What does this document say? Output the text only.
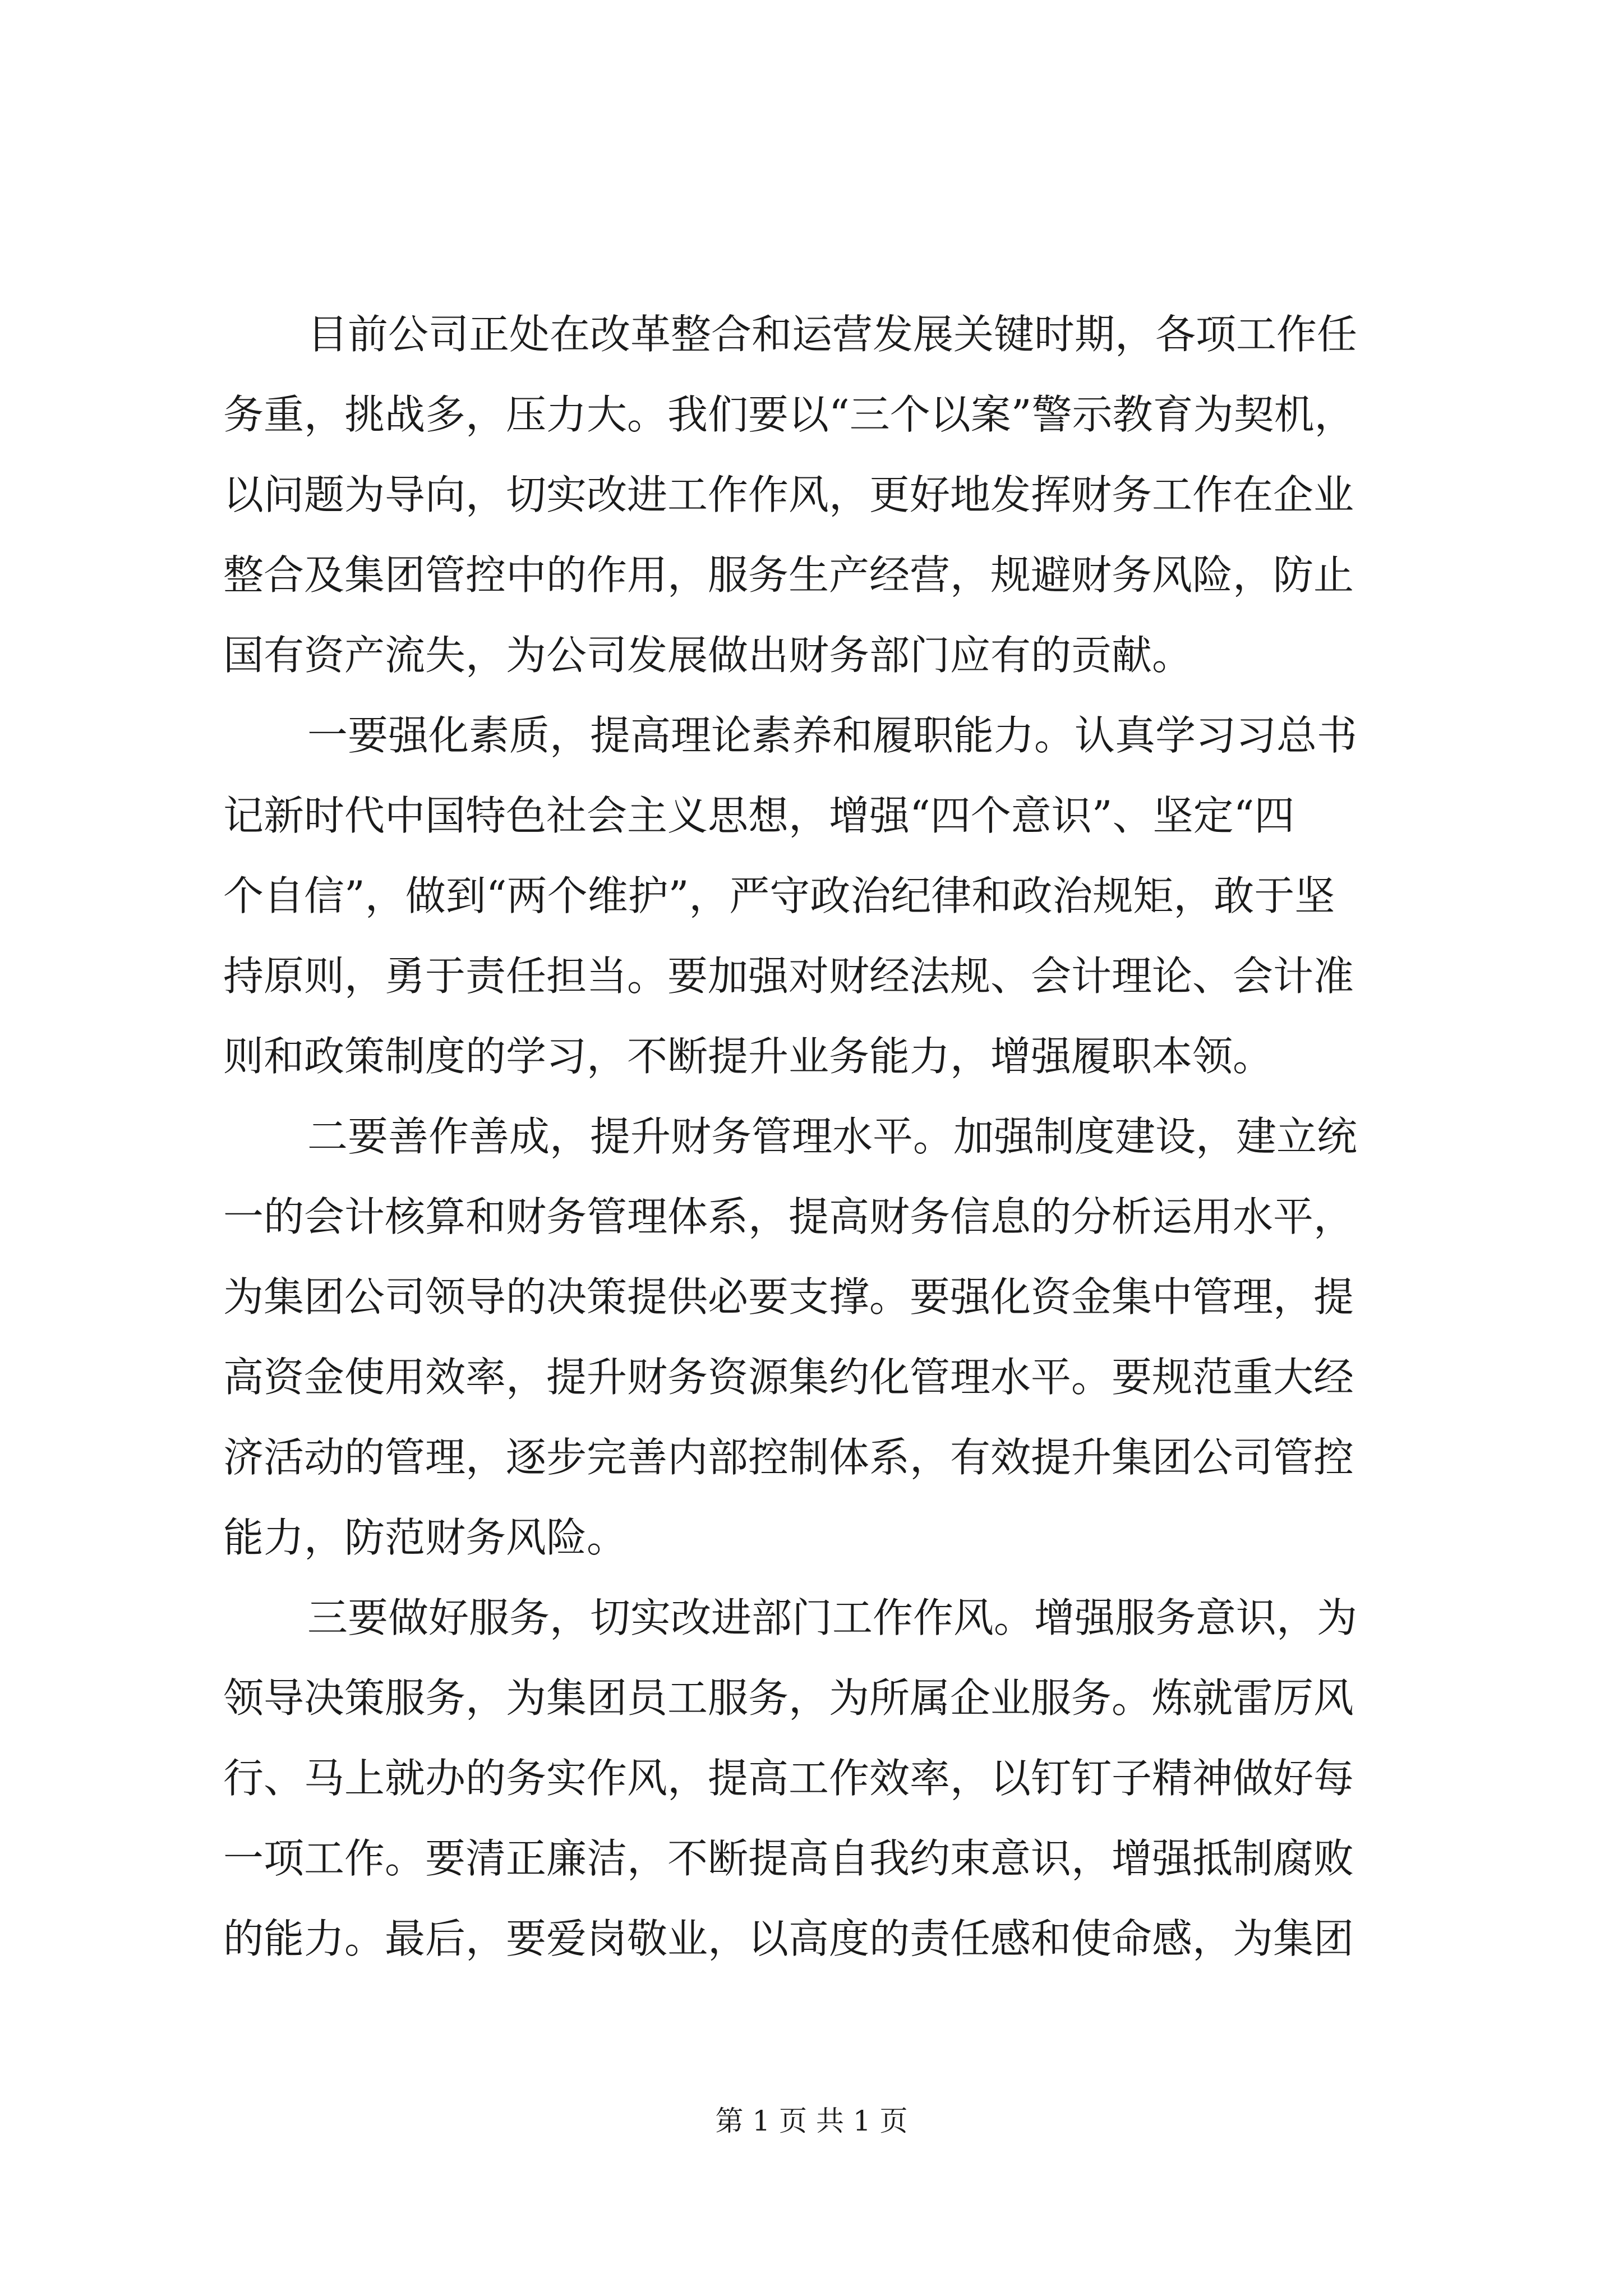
目前公司正处在改革整合和运营发展关键时期，各项工作任

务重，挑战多，压力大。我们要以“三个以案”警示教育为契机，

以问题为导向，切实改进工作作风，更好地发挥财务工作在企业

整合及集团管控中的作用，服务生产经营，规避财务风险，防止

国有资产流失，为公司发展做出财务部门应有的贡献。

一要强化素质，提高理论素养和履职能力。认真学习习总书

记新时代中国特色社会主义思想，增强“四个意识”、坚定“四

个自信”，做到“两个维护”，严守政治纪律和政治规矩，敢于坚

持原则，勇于责任担当。要加强对财经法规、会计理论、会计准

则和政策制度的学习，不断提升业务能力，增强履职本领。

二要善作善成，提升财务管理水平。加强制度建设，建立统

一的会计核算和财务管理体系，提高财务信息的分析运用水平，

为集团公司领导的决策提供必要支撑。要强化资金集中管理，提

高资金使用效率，提升财务资源集约化管理水平。要规范重大经

济活动的管理，逐步完善内部控制体系，有效提升集团公司管控

能力，防范财务风险。

三要做好服务，切实改进部门工作作风。增强服务意识，为

领导决策服务，为集团员工服务，为所属企业服务。炼就雷厉风

行、马上就办的务实作风，提高工作效率，以钉钉子精神做好每

一项工作。要清正廉洁，不断提高自我约束意识，增强抵制腐败

的能力。最后，要爱岗敬业，以高度的责任感和使命感，为集团

第 1 页 共 1 页
